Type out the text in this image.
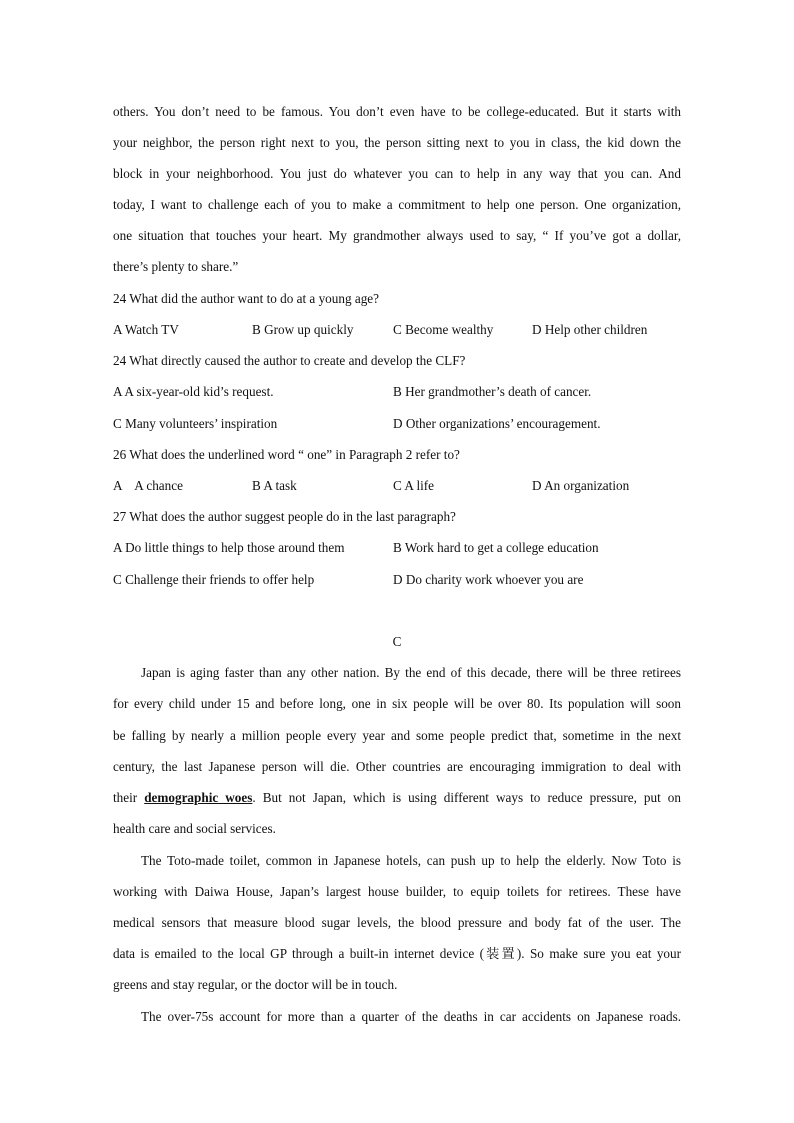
others. You don’t need to be famous. You don’t even have to be college-educated. But it starts with
your neighbor, the person right next to you, the person sitting next to you in class, the kid down the
block in your neighborhood. You just do whatever you can to help in any way that you can. And
today, I want to challenge each of you to make a commitment to help one person. One organization,
one situation that touches your heart. My grandmother always used to say, “ If you’ve got a dollar,
there’s plenty to share.”
24 What did the author want to do at a young age?
A Watch TV	B Grow up quickly	C Become wealthy	D Help other children
24 What directly caused the author to create and develop the CLF?
A A six-year-old kid’s request.	B Her grandmother’s death of cancer.
C Many volunteers’ inspiration	D Other organizations’ encouragement.
26 What does the underlined word “ one” in Paragraph 2 refer to?
A    A chance	B A task	C A life	D An organization
27 What does the author suggest people do in the last paragraph?
A Do little things to help those around them	B Work hard to get a college education
C Challenge their friends to offer help	D Do charity work whoever you are
C
Japan is aging faster than any other nation. By the end of this decade, there will be three retirees
for every child under 15 and before long, one in six people will be over 80. Its population will soon
be falling by nearly a million people every year and some people predict that, sometime in the next
century, the last Japanese person will die. Other countries are encouraging immigration to deal with
their demographic woes. But not Japan, which is using different ways to reduce pressure, put on
health care and social services.
The Toto-made toilet, common in Japanese hotels, can push up to help the elderly. Now Toto is
working with Daiwa House, Japan’s largest house builder, to equip toilets for retirees. These have
medical sensors that measure blood sugar levels, the blood pressure and body fat of the user. The
data is emailed to the local GP through a built-in internet device (装置). So make sure you eat your
greens and stay regular, or the doctor will be in touch.
The over-75s account for more than a quarter of the deaths in car accidents on Japanese roads.
